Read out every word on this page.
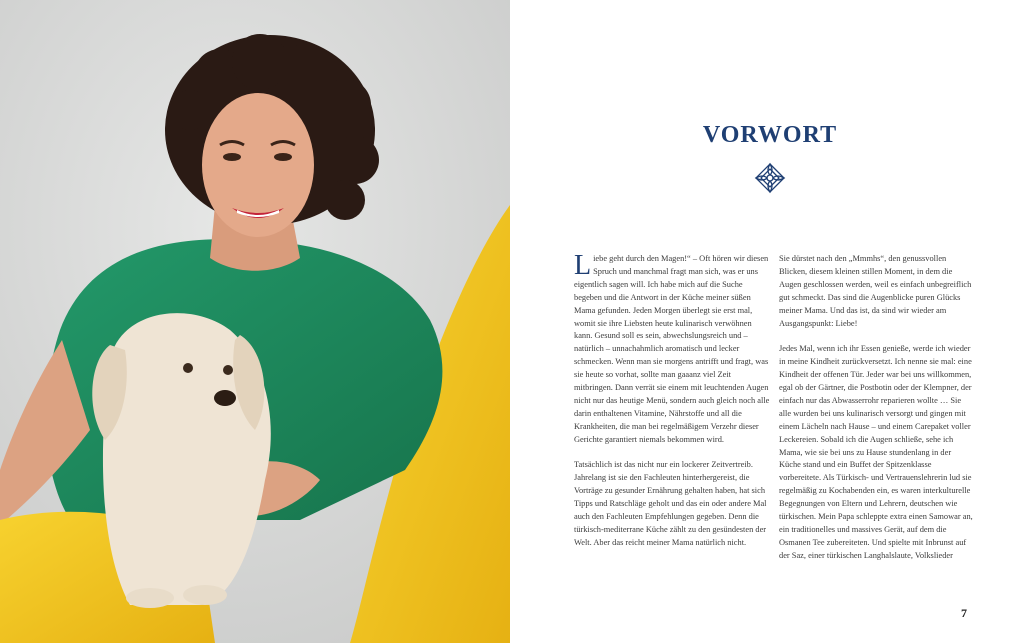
VORWORT

Liebe geht durch den Magen!“ – Oft hören wir diesen Spruch und manchmal fragt man sich, was er uns eigentlich sagen will. Ich habe mich auf die Suche begeben und die Antwort in der Küche meiner süßen Mama gefunden. Jeden Morgen überlegt sie erst mal, womit sie ihre Liebsten heute kulinarisch verwöhnen kann. Gesund soll es sein, abwechslungsreich und – natürlich – unnachahmlich aromatisch und lecker schmecken. Wenn man sie morgens antrifft und fragt, was sie heute so vorhat, sollte man gaaanz viel Zeit mitbringen. Dann verrät sie einem mit leuchtenden Augen nicht nur das heutige Menü, sondern auch gleich noch alle darin enthaltenen Vitamine, Nährstoffe und all die Krankheiten, die man bei regelmäßigem Verzehr dieser Gerichte garantiert niemals bekommen wird.

Tatsächlich ist das nicht nur ein lockerer Zeitvertreib. Jahrelang ist sie den Fachleuten hinterhergereist, die Vorträge zu gesunder Ernährung gehalten haben, hat sich Tipps und Ratschläge geholt und das ein oder andere Mal auch den Fachleuten Empfehlungen gegeben. Denn die türkisch-mediterrane Küche zählt zu den gesündesten der Welt. Aber das reicht meiner Mama natürlich nicht.

Sie dürstet nach den „Mmmhs“, den genussvollen Blicken, diesem kleinen stillen Moment, in dem die Augen geschlossen werden, weil es einfach unbegreiflich gut schmeckt. Das sind die Augenblicke puren Glücks meiner Mama. Und das ist, da sind wir wieder am Ausgangspunkt: Liebe!

Jedes Mal, wenn ich ihr Essen genieße, werde ich wieder in meine Kindheit zurückversetzt. Ich nenne sie mal: eine Kindheit der offenen Tür. Jeder war bei uns willkommen, egal ob der Gärtner, die Postbotin oder der Klempner, der einfach nur das Abwasserrohr reparieren wollte … Sie alle wurden bei uns kulinarisch versorgt und gingen mit einem Lächeln nach Hause – und einem Carepaket voller Leckereien. Sobald ich die Augen schließe, sehe ich Mama, wie sie bei uns zu Hause stundenlang in der Küche stand und ein Buffet der Spitzenklasse vorbereitete. Als Türkisch- und Vertrauenslehrerin lud sie regelmäßig zu Kochabenden ein, es waren interkulturelle Begegnungen von Eltern und Lehrern, deutschen wie türkischen. Mein Papa schleppte extra einen Samowar an, ein traditionelles und massives Gerät, auf dem die Osmanen Tee zubereiteten. Und spielte mit Inbrunst auf der Saz, einer türkischen Langhalslaute, Volkslieder

7
